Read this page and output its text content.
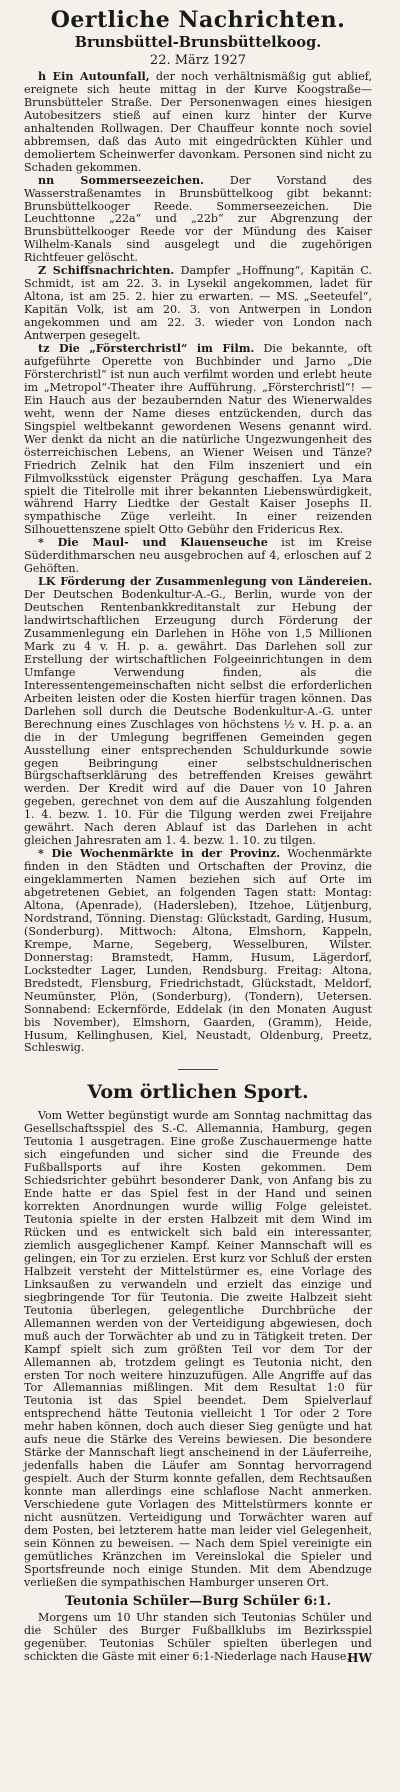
Oertliche Nachrichten.
Brunsbüttel-Brunsbüttelkoog.
22. März 1927

h Ein Autounfall, der noch verhältnismäßig gut ablief, ereignete sich heute mittag in der Kurve Koogstraße—Brunsbütteler Straße. Der Personenwagen eines hiesigen Autobesitzers stieß auf einen kurz hinter der Kurve anhaltenden Rollwagen. Der Chauffeur konnte noch soviel abbremsen, daß das Auto mit eingedrückten Kühler und demoliertem Scheinwerfer davonkam. Personen sind nicht zu Schaden gekommen.

nn Sommerseezeichen. Der Vorstand des Wasserstraßenamtes in Brunsbüttelkoog gibt bekannt: Brunsbüttelkooger Reede. Sommerseezeichen. Die Leuchttonne „22a“ und „22b“ zur Abgrenzung der Brunsbüttelkooger Reede vor der Mündung des Kaiser Wilhelm-Kanals sind ausgelegt und die zugehörigen Richtfeuer gelöscht.

Z Schiffsnachrichten. Dampfer „Hoffnung“, Kapitän C. Schmidt, ist am 22. 3. in Lysekil angekommen, ladet für Altona, ist am 25. 2. hier zu erwarten. — MS. „Seeteufel“, Kapitän Volk, ist am 20. 3. von Antwerpen in London angekommen und am 22. 3. wieder von London nach Antwerpen gesegelt.

tz Die „Försterchristl“ im Film. Die bekannte, oft aufgeführte Operette von Buchbinder und Jarno „Die Försterchristl“ ist nun auch verfilmt worden und erlebt heute im „Metropol“-Theater ihre Aufführung. „Försterchristl“! — Ein Hauch aus der bezaubernden Natur des Wienerwaldes weht, wenn der Name dieses entzückenden, durch das Singspiel weltbekannt gewordenen Wesens genannt wird. Wer denkt da nicht an die natürliche Ungezwungenheit des österreichischen Lebens, an Wiener Weisen und Tänze? Friedrich Zelnik hat den Film inszeniert und ein Filmvolksstück eigenster Prägung geschaffen. Lya Mara spielt die Titelrolle mit ihrer bekannten Liebenswürdigkeit, während Harry Liedtke der Gestalt Kaiser Josephs II. sympathische Züge verleiht. In einer reizenden Silhouettenszene spielt Otto Gebühr den Fridericus Rex.

* Die Maul- und Klauenseuche ist im Kreise Süderdithmarschen neu ausgebrochen auf 4, erloschen auf 2 Gehöften.

LK Förderung der Zusammenlegung von Ländereien. Der Deutschen Bodenkultur-A.-G., Berlin, wurde von der Deutschen Rentenbankkreditanstalt zur Hebung der landwirtschaftlichen Erzeugung durch Förderung der Zusammenlegung ein Darlehen in Höhe von 1,5 Millionen Mark zu 4 v. H. p. a. gewährt. Das Darlehen soll zur Erstellung der wirtschaftlichen Folgeeinrichtungen in dem Umfange Verwendung finden, als die Interessentengemeinschaften nicht selbst die erforderlichen Arbeiten leisten oder die Kosten hierfür tragen können. Das Darlehen soll durch die Deutsche Bodenkultur-A.-G. unter Berechnung eines Zuschlages von höchstens ½ v. H. p. a. an die in der Umlegung begriffenen Gemeinden gegen Ausstellung einer entsprechenden Schuldurkunde sowie gegen Beibringung einer selbstschuldnerischen Bürgschaftserklärung des betreffenden Kreises gewährt werden. Der Kredit wird auf die Dauer von 10 Jahren gegeben, gerechnet von dem auf die Auszahlung folgenden 1. 4. bezw. 1. 10. Für die Tilgung werden zwei Freijahre gewährt. Nach deren Ablauf ist das Darlehen in acht gleichen Jahresraten am 1. 4. bezw. 1. 10. zu tilgen.

* Die Wochenmärkte in der Provinz. Wochenmärkte finden in den Städten und Ortschaften der Provinz, die eingeklammerten Namen beziehen sich auf Orte im abgetretenen Gebiet, an folgenden Tagen statt: Montag: Altona, (Apenrade), (Hadersleben), Itzehoe, Lütjenburg, Nordstrand, Tönning. Dienstag: Glückstadt, Garding, Husum, (Sonderburg). Mittwoch: Altona, Elmshorn, Kappeln, Krempe, Marne, Segeberg, Wesselburen, Wilster. Donnerstag: Bramstedt, Hamm, Husum, Lägerdorf, Lockstedter Lager, Lunden, Rendsburg. Freitag: Altona, Bredstedt, Flensburg, Friedrichstadt, Glückstadt, Meldorf, Neumünster, Plön, (Sonderburg), (Tondern), Uetersen. Sonnabend: Eckernförde, Eddelak (in den Monaten August bis November), Elmshorn, Gaarden, (Gramm), Heide, Husum, Kellinghusen, Kiel, Neustadt, Oldenburg, Preetz, Schleswig.

Vom örtlichen Sport.

Vom Wetter begünstigt wurde am Sonntag nachmittag das Gesellschaftsspiel des S.-C. Allemannia, Hamburg, gegen Teutonia 1 ausgetragen. Eine große Zuschauermenge hatte sich eingefunden und sicher sind die Freunde des Fußballsports auf ihre Kosten gekommen. Dem Schiedsrichter gebührt besonderer Dank, von Anfang bis zu Ende hatte er das Spiel fest in der Hand und seinen korrekten Anordnungen wurde willig Folge geleistet. Teutonia spielte in der ersten Halbzeit mit dem Wind im Rücken und es entwickelt sich bald ein interessanter, ziemlich ausgeglichener Kampf. Keiner Mannschaft will es gelingen, ein Tor zu erzielen. Erst kurz vor Schluß der ersten Halbzeit versteht der Mittelstürmer es, eine Vorlage des Linksaußen zu verwandeln und erzielt das einzige und siegbringende Tor für Teutonia. Die zweite Halbzeit sieht Teutonia überlegen, gelegentliche Durchbrüche der Allemannen werden von der Verteidigung abgewiesen, doch muß auch der Torwächter ab und zu in Tätigkeit treten. Der Kampf spielt sich zum größten Teil vor dem Tor der Allemannen ab, trotzdem gelingt es Teutonia nicht, den ersten Tor noch weitere hinzuzufügen. Alle Angriffe auf das Tor Allemannias mißlingen. Mit dem Resultat 1:0 für Teutonia ist das Spiel beendet. Dem Spielverlauf entsprechend hätte Teutonia vielleicht 1 Tor oder 2 Tore mehr haben können, doch auch dieser Sieg genügte und hat aufs neue die Stärke des Vereins bewiesen. Die besondere Stärke der Mannschaft liegt anscheinend in der Läuferreihe, jedenfalls haben die Läufer am Sonntag hervorragend gespielt. Auch der Sturm konnte gefallen, dem Rechtsaußen konnte man allerdings eine schlaflose Nacht anmerken. Verschiedene gute Vorlagen des Mittelstürmers konnte er nicht ausnützen. Verteidigung und Torwächter waren auf dem Posten, bei letzterem hatte man leider viel Gelegenheit, sein Können zu beweisen. — Nach dem Spiel vereinigte ein gemütliches Kränzchen im Vereinslokal die Spieler und Sportsfreunde noch einige Stunden. Mit dem Abendzuge verließen die sympathischen Hamburger unseren Ort.

Teutonia Schüler—Burg Schüler 6:1.

Morgens um 10 Uhr standen sich Teutonias Schüler und die Schüler des Burger Fußballklubs im Bezirksspiel gegenüber. Teutonias Schüler spielten überlegen und schickten die Gäste mit einer 6:1-Niederlage nach Hause.

HW
